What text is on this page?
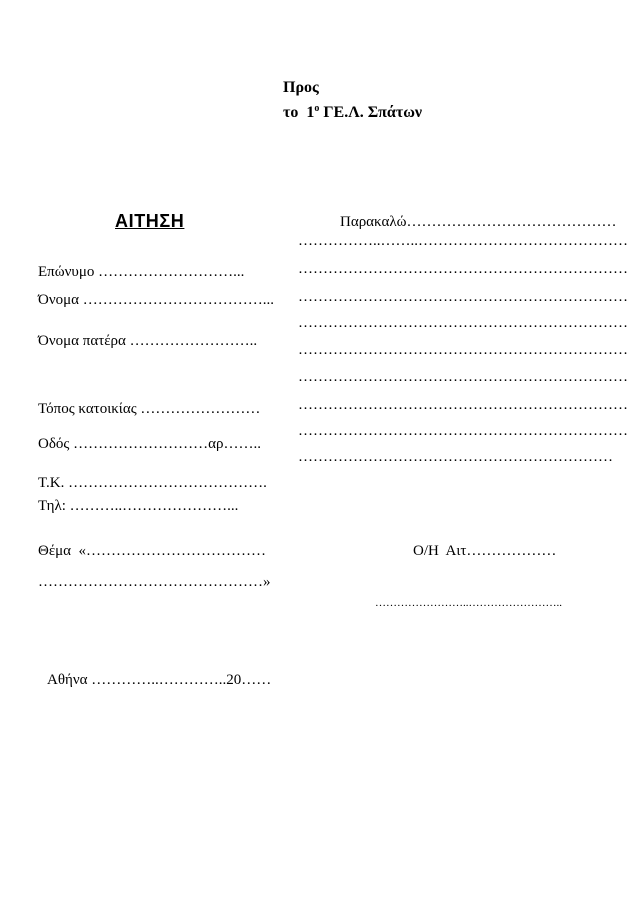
Προς
το  $1^o$ ΓΕ.Λ. Σπάτων
ΑΙΤΗΣΗ
Επώνυμο ………………………...
Όνομα ………………………………...
Όνομα πατέρα ……………………..
Τόπος κατοικίας ……………………
Οδός ………………………αρ……..
Τ.Κ. ………………………………….
Τηλ: ………..…………………...
Θέμα «………………………………
………………………………………»
Αθήνα …………..…………..20……
Παρακαλώ……………………………………
……………..……..……………………………………
…………………………………………………………
…………………………………………………………
…………………………………………………………
…………………………………………………………
…………………………………………………………
…………………………………………………………
…………………………………………………………
………………………………………………………
Ο/Η  Αιτ………………
……………………..……………………..
